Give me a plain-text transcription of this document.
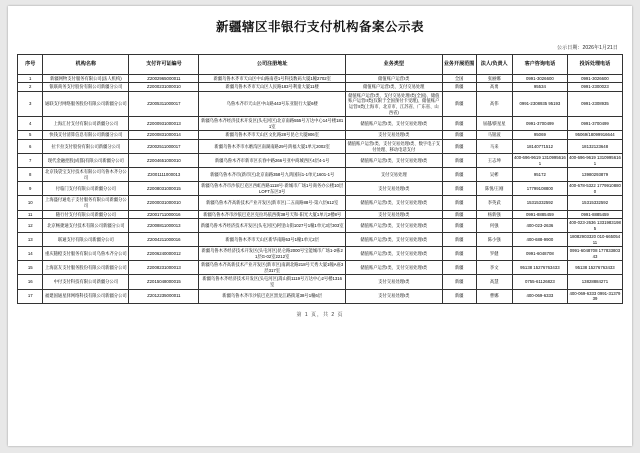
新疆辖区非银行支付机构备案公示表
公示日期：2026年1月21日
序号	机构名称	支付许可证编号	公司注册地址	业务类型	业务开展范围	法人/负责人	客户咨询电话	投诉处理电话
1	新疆网物支付服务有限公司(法人机构)	Z2002965000011	新疆乌鲁木齐市天山区中山路南巷1号科技数码大厦1幢2702室	储值账户运营I类	全国	张丽娜	0991-3026600	0991-3026600
2	银联商务支付股份有限公司新疆分公司	Z2000231000010	新疆乌鲁木齐市天山区人民路183号利童大厦11楼	储值账户运营I类、支付交易处理	新疆	高勇	95534	0991-2300023
3	通联支付网络服务股份有限公司新疆分公司	Z2005311000017	乌鲁木齐市天山区中山路443号东亚银行大厦6楼	储值账户运营I类、支付交易处理I类(全国)、储值账户运营II类(仅限于全国预付卡受理)、储值账户运营II类(上海市、北京市、江苏省、广东省、山西省)	新疆	高伟	0991-2308935 95193	0991-2308935
4	上海汇付支付有限公司新疆分公司	Z2000931000013	新疆乌鲁木齐经济技术开发区(头屯河区)北京南路555号万达中心14号楼1811室	储值账户运营I类、支付交易处理I类	新疆	屈越/蔡星星	0991-3700499	0991-3700499
5	快钱支付清算信息有限公司新疆分公司	Z2000831000014	新疆乌鲁木齐市天山区文化路28号昆仑大厦906室	支付交易处理I类	新疆	马银波	95069	95069/18099916644
6	拉卡拉支付股份有限公司新疆分公司	Z2002511000017	新疆乌鲁木齐市水磨沟区南湖南路29号鸿福大厦1单元2002室	储值账户运营I类、支付交易处理I类、数字电子支付处理、移动电话支付	新疆	马来	18140771512	18132123648
7	现代金融控股(成都)有限公司新疆分公司	Z2004651000010	新疆乌鲁木齐市新市区长春中路266号亚中商城西区4层4-1号	储值账户运营I类、支付交易处理I类	新疆	王志坤	400-696-9619 13109956161	400-696-9619 13109956161
8	北京钱袋宝支付技术有限公司乌鲁木齐分公司	Z2001111000013	新疆乌鲁木齐市(新市区)北京南路358号九鸿国际1-1单元1601-1号	支付交易处理	新疆	吴彬	95172	13980293879
9	付临门支付有限公司新疆分公司	Z2008031000015	新疆乌鲁木齐市沙依巴克区西虹西路1118号·新城市广场1号商务办公楼10层LOFT东区3号	支付交易处理I类	新疆	陈悦/王刚	17799108800	400-678-5322 17799108800
10	上海盛付通电子支付服务有限公司新疆分公司	Z2000031000010	新疆乌鲁木齐高新技术产业开发区(新市区)二五南路88号-第六层612室	储值账户运营I类、支付交易处理I类	新疆	李英武	15315332592	15315332592
11	随行付支付有限公司新疆分公司	Z2001711000016	新疆乌鲁木齐市沙依巴克区克拉玛依西街38号天和·阳光大厦1单元2楼8号	支付交易处理I类	新疆	杨新强	0991-8885459	0991-8885459
12	北京畅捷通支付技术有限公司新疆分公司	Z2008811000013	新疆乌鲁木齐经济技术开发区(头屯河区)阿里山街1027号1幢1单元3层303室	储值账户运营I类、支付交易处理I类	新疆	何强	400-023-2636	400-023-2636 13319831985
13	联通支付有限公司新疆分公司	Z2004211000016	新疆乌鲁木齐市天山区新华南路53号1幢1单元2层	储值账户运营I类、支付交易处理I类	新疆	陈小强	400-688-9900	18082903320 010-66505411
14	重庆随橙支付服务有限公司乌鲁木齐分公司	Z2006240000012	新疆乌鲁木齐经济技术开发区(头屯河区)昆仑路2000号宝能城市广场1-2栋21层G-02室2212室	储值账户运营I类、支付交易处理I类	新疆	罗健	0991-6048708	0991-6048708 17783380343
15	上海富友支付服务股份有限公司新疆分公司	Z2008231000013	新疆乌鲁木齐高新技术产业开发区(新市区)南湖北路218号天秀大厦1幢A座3层317室	储值账户运营I类、支付交易处理I类	新疆	李文	95138 15276763433	95138 15276763433
16	中付支付科技有限公司新疆分公司	Z2015048000015	新疆乌鲁木齐经济技术开发区(头屯河区)嵩山街1119号万达中心2号楼1316室	支付交易处理I类	新疆	高慧	0755-61126823	13828884271
17	福建国通星驿网络科技有限公司新疆分公司	Z2012235000011	新疆乌鲁木齐市沙依巴克区黑龙江路街道38号1幢6层	支付交易处理I类	新疆	曹娜	400-069-6333	400-069-6333 0991-3137939
第 1 页，共 2 页
